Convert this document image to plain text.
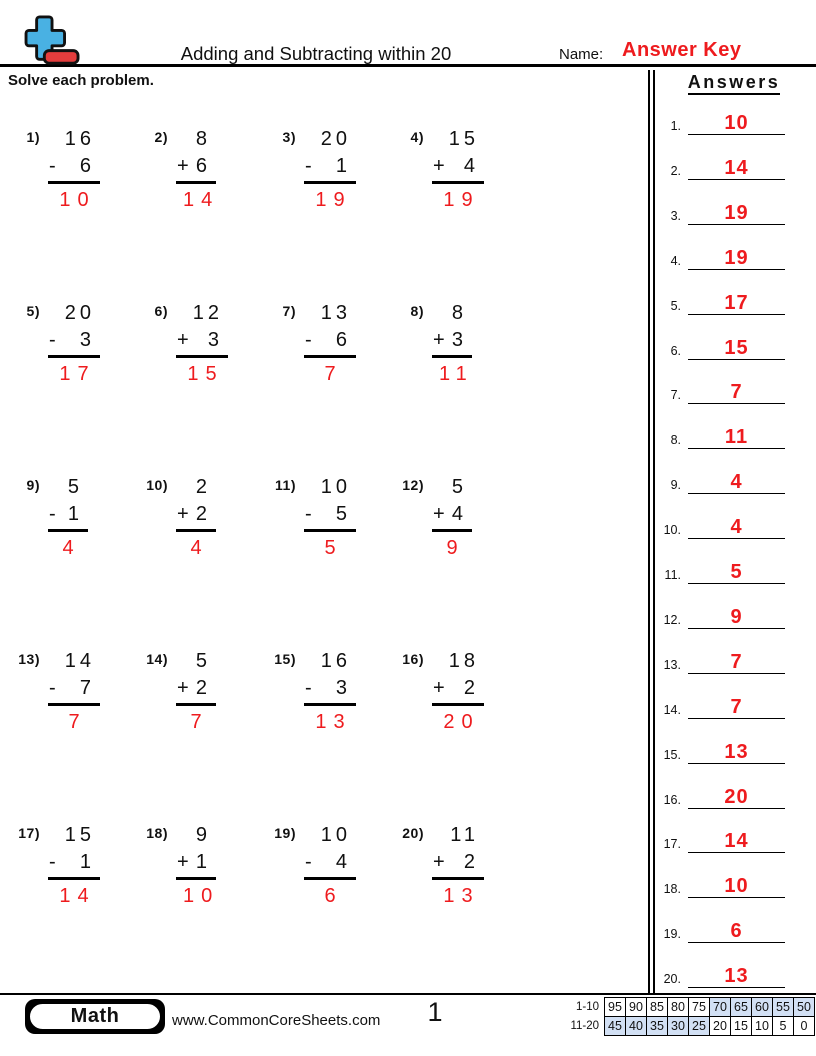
Adding and Subtracting within 20	Name: Answer Key
Solve each problem.
1)	16
- 6
10
2)	8
+ 6
14
3)	20
- 1
19
4)	15
+ 4
19
5)	20
- 3
17
6)	12
+ 3
15
7)	13
- 6
7
8)	8
+ 3
11
9)	5
- 1
4
10)	2
+ 2
4
11)	10
- 5
5
12)	5
+ 4
9
13)	14
- 7
7
14)	5
+ 2
7
15)	16
- 3
13
16)	18
+ 2
20
17)	15
- 1
14
18)	9
+ 1
10
19)	10
- 4
6
20)	11
+ 2
13
Answers
1. 10
2. 14
3. 19
4. 19
5. 17
6. 15
7. 7
8. 11
9. 4
10. 4
11. 5
12. 9
13. 7
14. 7
15. 13
16. 20
17. 14
18. 10
19. 6
20. 13
Math	www.CommonCoreSheets.com 1	1-10	95	90	85	80	75	70	65	60	55	50
11-20	45	40	35	30	25	20	15	10	5	0
